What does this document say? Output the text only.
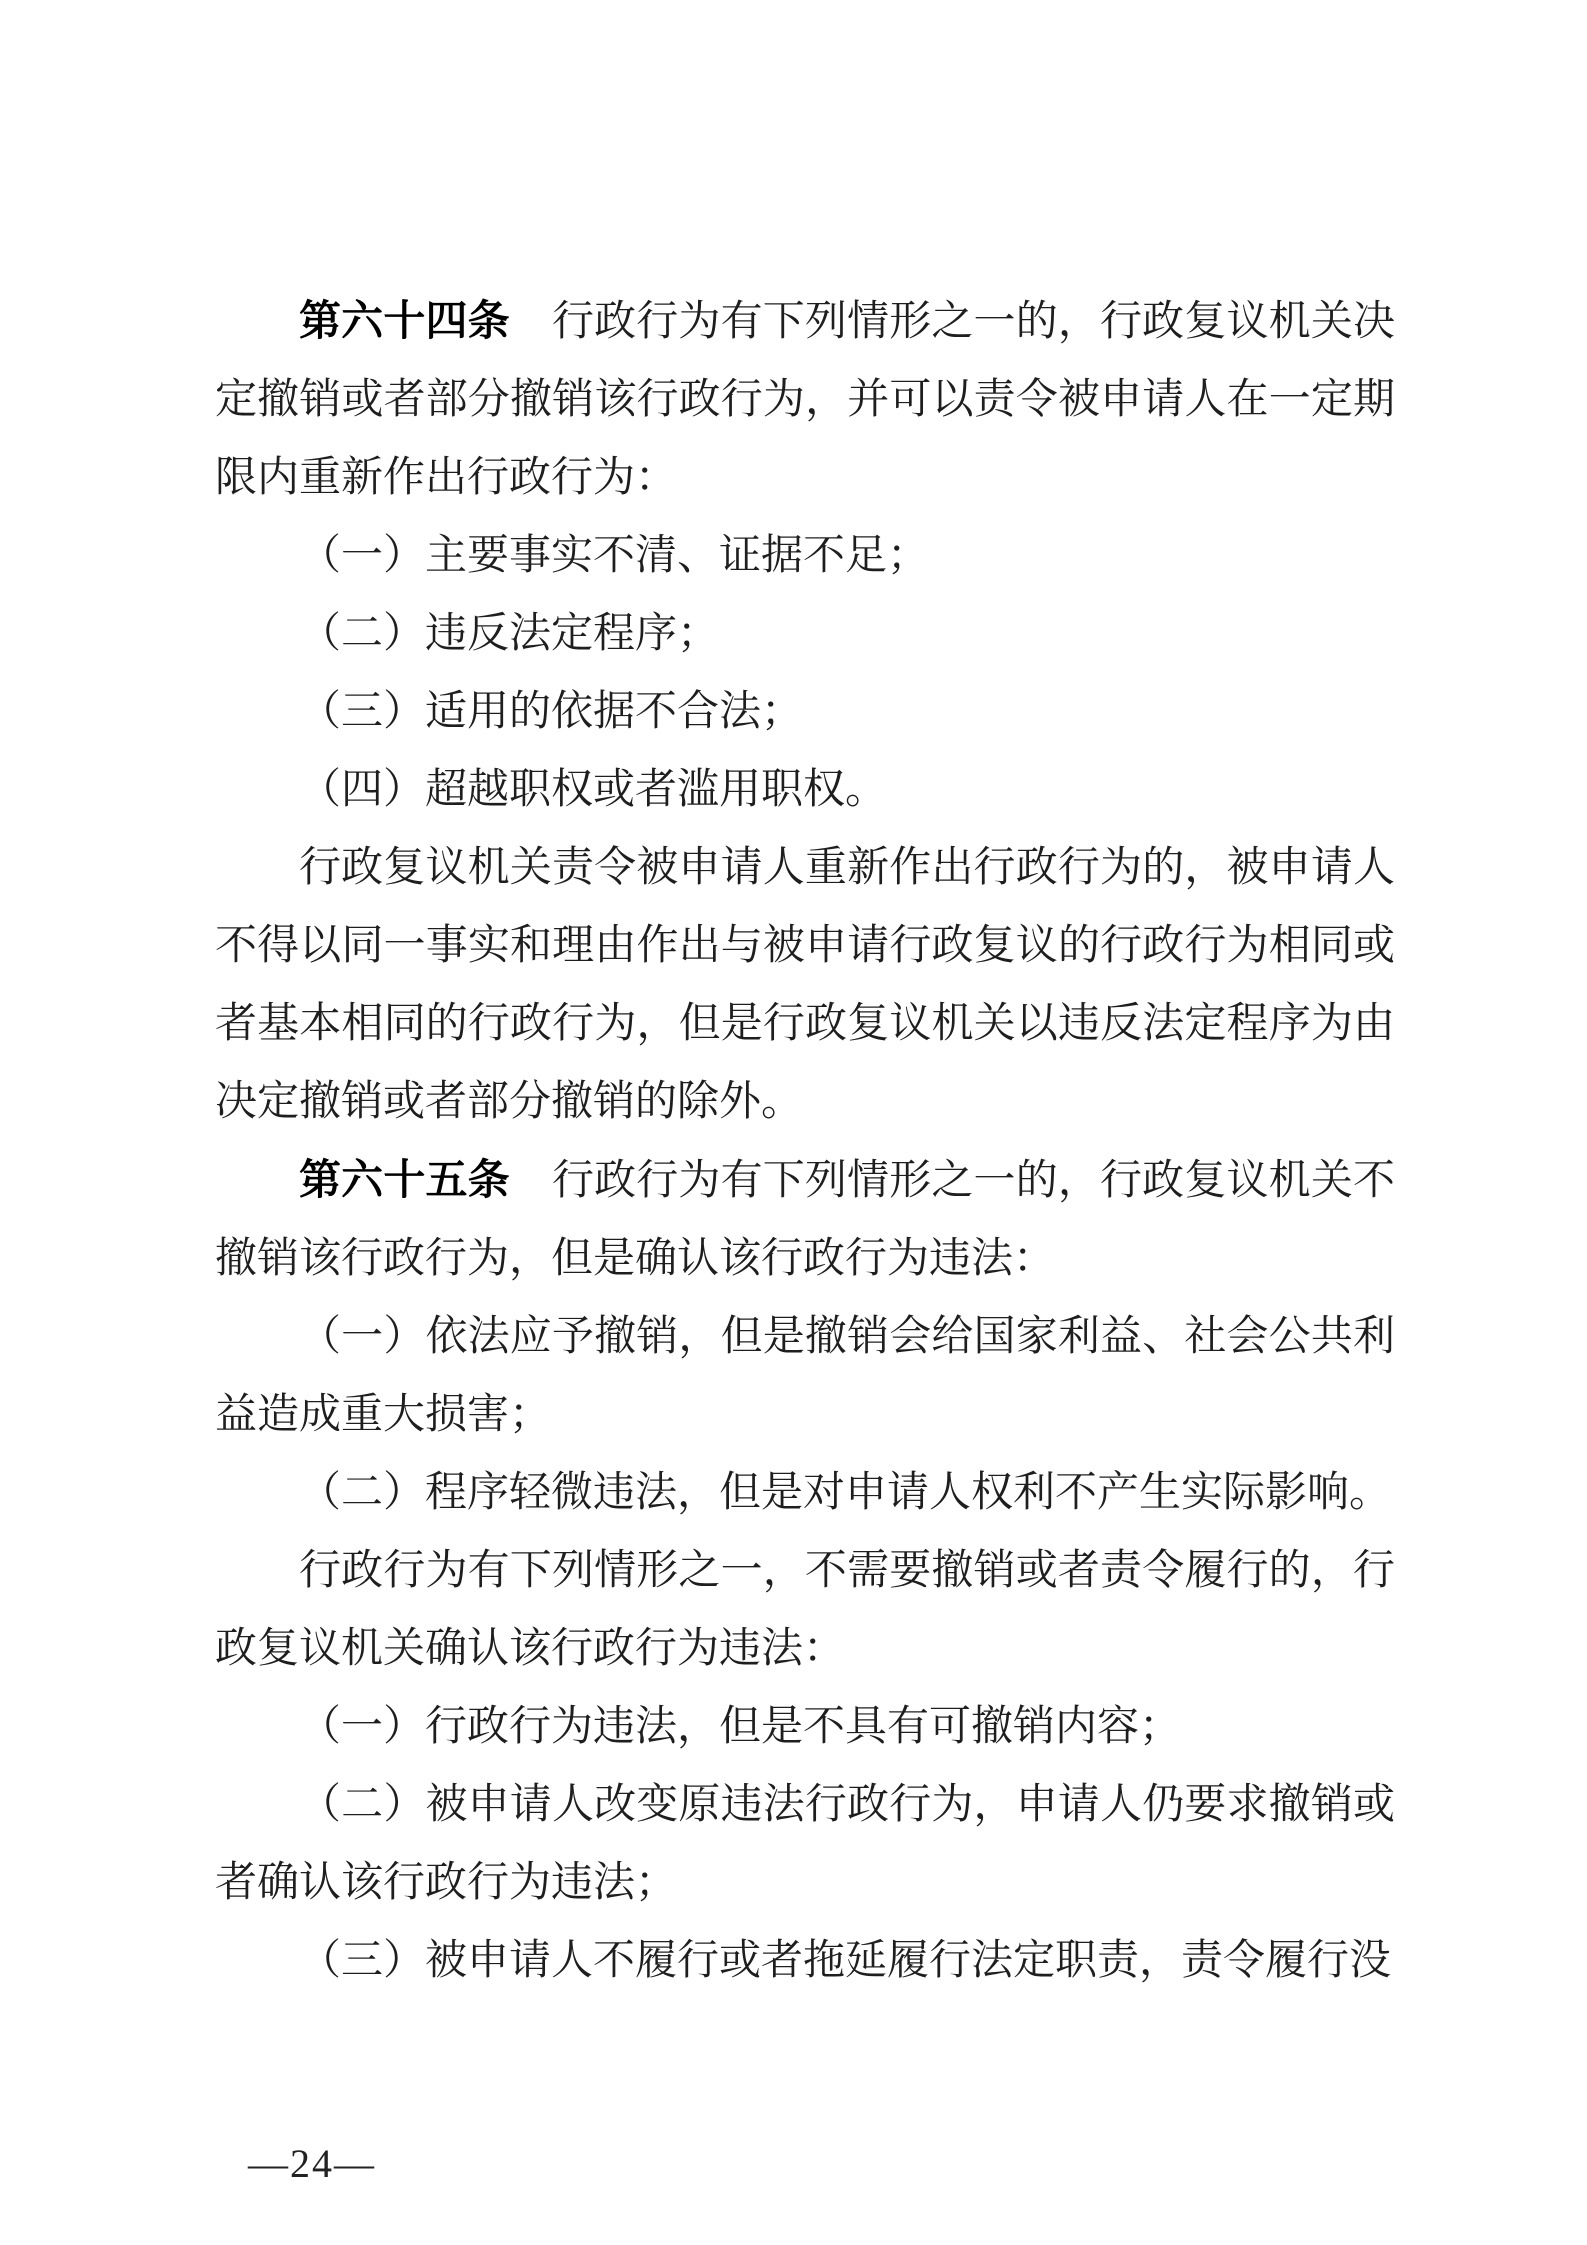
第六十四条　行政行为有下列情形之一的，行政复议机关决定撤销或者部分撤销该行政行为，并可以责令被申请人在一定期限内重新作出行政行为：

（一）主要事实不清、证据不足；

（二）违反法定程序；

（三）适用的依据不合法；

（四）超越职权或者滥用职权。

行政复议机关责令被申请人重新作出行政行为的，被申请人不得以同一事实和理由作出与被申请行政复议的行政行为相同或者基本相同的行政行为，但是行政复议机关以违反法定程序为由决定撤销或者部分撤销的除外。

第六十五条　行政行为有下列情形之一的，行政复议机关不撤销该行政行为，但是确认该行政行为违法：

（一）依法应予撤销，但是撤销会给国家利益、社会公共利益造成重大损害；

（二）程序轻微违法，但是对申请人权利不产生实际影响。

行政行为有下列情形之一，不需要撤销或者责令履行的，行政复议机关确认该行政行为违法：

（一）行政行为违法，但是不具有可撤销内容；

（二）被申请人改变原违法行政行为，申请人仍要求撤销或者确认该行政行为违法；

（三）被申请人不履行或者拖延履行法定职责，责令履行没

—24—
